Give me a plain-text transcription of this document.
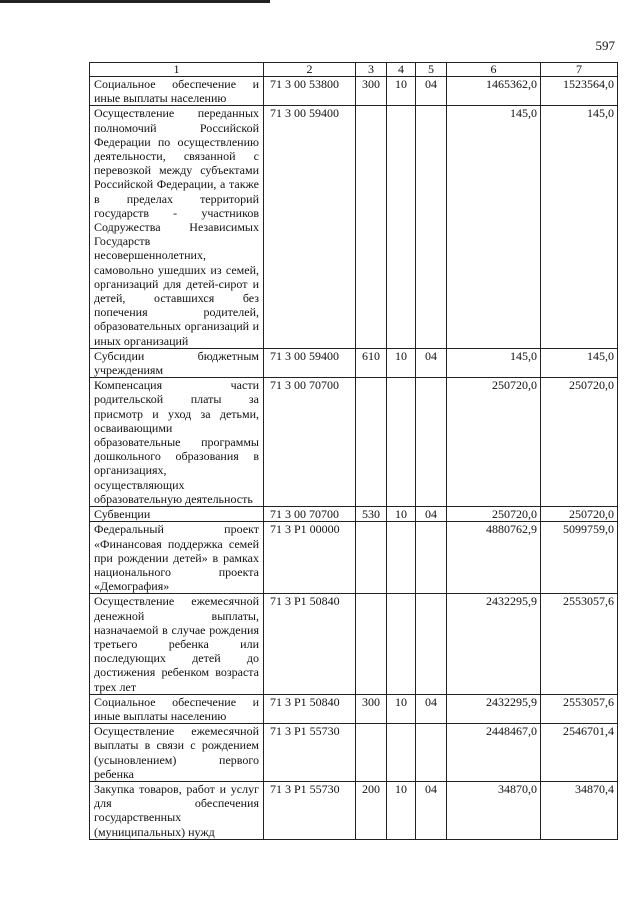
597
1	2	3	4	5	6	7
Социальное обеспечение и иные выплаты населению	71 3 00 53800	300	10	04	1465362,0	1523564,0
Осуществление переданных полномочий Российской Федерации по осуществлению деятельности, связанной с перевозкой между субъектами Российской Федерации, а также в пределах территорий государств - участников Содружества Независимых Государств несовершеннолетних, самовольно ушедших из семей, организаций для детей-сирот и детей, оставшихся без попечения родителей, образовательных организаций и иных организаций	71 3 00 59400				145,0	145,0
Субсидии бюджетным учреждениям	71 3 00 59400	610	10	04	145,0	145,0
Компенсация части родительской платы за присмотр и уход за детьми, осваивающими образовательные программы дошкольного образования в организациях, осуществляющих образовательную деятельность	71 3 00 70700				250720,0	250720,0
Субвенции	71 3 00 70700	530	10	04	250720,0	250720,0
Федеральный проект «Финансовая поддержка семей при рождении детей» в рамках национального проекта «Демография»	71 3 P1 00000				4880762,9	5099759,0
Осуществление ежемесячной денежной выплаты, назначаемой в случае рождения третьего ребенка или последующих детей до достижения ребенком возраста трех лет	71 3 P1 50840				2432295,9	2553057,6
Социальное обеспечение и иные выплаты населению	71 3 P1 50840	300	10	04	2432295,9	2553057,6
Осуществление ежемесячной выплаты в связи с рождением (усыновлением) первого ребенка	71 3 P1 55730				2448467,0	2546701,4
Закупка товаров, работ и услуг для обеспечения государственных (муниципальных) нужд	71 3 P1 55730	200	10	04	34870,0	34870,4
